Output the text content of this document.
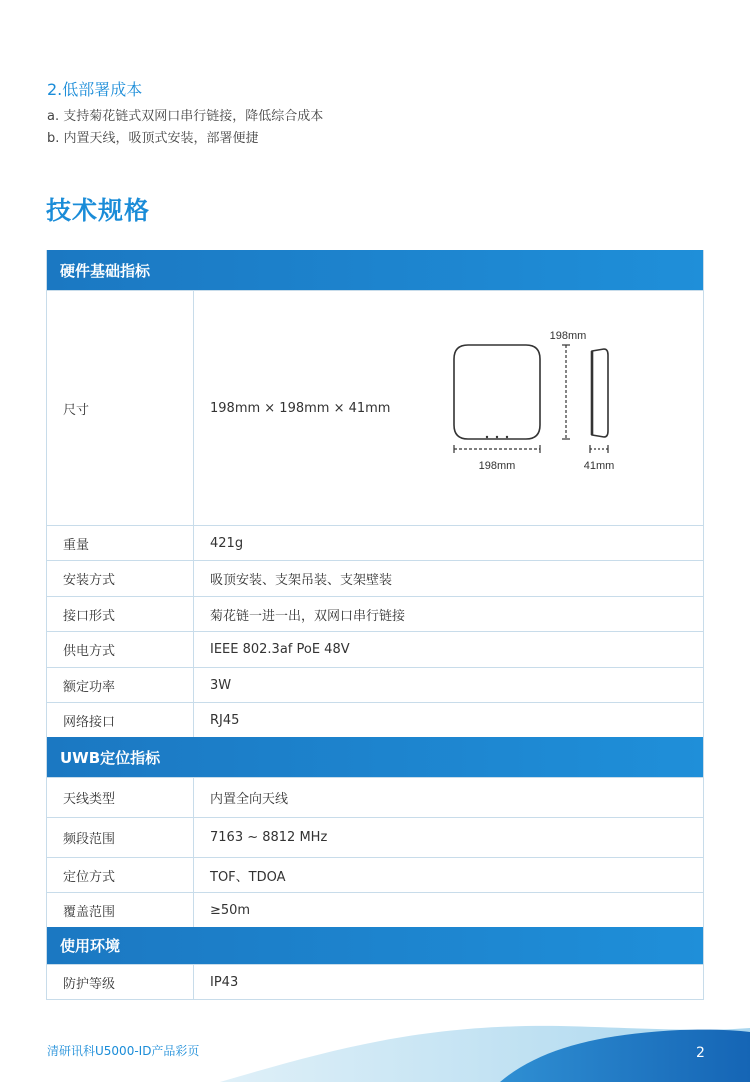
2.低部署成本
a. 支持菊花链式双网口串行链接，降低综合成本
b. 内置天线，吸顶式安装，部署便捷
技术规格
硬件基础指标
尺寸	198mm × 198mm × 41mm
198mm
198mm	41mm
重量	421g
安装方式	吸顶安装、支架吊装、支架壁装
接口形式	菊花链一进一出，双网口串行链接
供电方式	IEEE 802.3af PoE 48V
额定功率	3W
网络接口	RJ45
UWB定位指标
天线类型	内置全向天线
频段范围	7163 ~ 8812 MHz
定位方式	TOF、TDOA
覆盖范围	≥50m
使用环境
防护等级	IP43
清研讯科U5000-ID产品彩页	2
